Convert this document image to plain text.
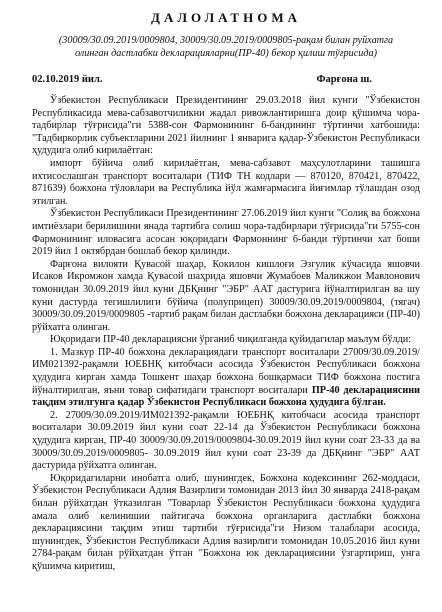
ДАЛОЛАТНОМА
(30009/30.09.2019/0009804, 30009/30.09.2019/0009805-рақам билан руйхатга
олинган дастлабки декларацияларни(ПР-40) бекор қилиш тўғрисида)
02.10.2019 йил.	Фарғона ш.

Ўзбекистон Республикаси Президентининг 29.03.2018 йил кунги "Ўзбекистон Республикасида мева-сабзавотчиликни жадал ривожлантиришга доир қўшимча чора-тадбирлар тўғрисида"ги 5388-сон Фармонининг 6-бандининг тўртинчи хатбошида: "Тадбиркорлик субъектларини 2021 йилнинг 1 январига қадар-Ўзбекистон Республикаси ҳудудига олиб кирилаётган:

импорт бўйича олиб кирилаётган, мева-сабзавот маҳсулотларини ташишга ихтисослашган транспорт воситалари (ТИФ ТН кодлари — 870120, 870421, 870422, 871639) божхона тўловлари ва Республика йўл жамғармасига йиғимлар тўлашдан озод этилган.

Ўзбекистон Республикаси Президентининг 27.06.2019 йил кунги "Солиқ ва божхона имтиёзлари берилишини янада тартибга солиш чора-тадбирлари тўғрисида"ги 5755-сон Фармонининг иловасига асосан юқоридаги Фармоннинг 6-банди тўртинчи хат боши 2019 йил 1 октябрдан бошлаб бекор қилинди.

Фарғона вилояти Қувасой шаҳар, Кокилон кишлоғи Эзгулик кўчасида яшовчи Исаков Икромжон хамда Қувасой шаҳрида яшовчи Жумабоев Маликжон Мавлонович томонидан 30.09.2019 йил куни ДБҚнинг "ЭБР" ААТ дастурига йўналтирилган ва шу куни дастурда тегишлилиги бўйича (полуприцеп) 30009/30.09.2019/0009804, (тягач) 30009/30.09.2019/0009805 -тартиб рақам билан дастлабки божхона декларацияси (ПР-40) рўйхатга олинган.

Юқоридаги ПР-40 декларациясни ўрганиб чиқилганда қуйидагилар маълум бўлди:

1. Мазкур ПР-40 божхона декларациядаги транспорт воситалари 27009/30.09.2019/ИМ021392-рақамли ЮЕБНҚ китобчаси асосида Ўзбекистон Республикаси божхона ҳудудига кирган хамда Тошкент шаҳар божхона бошқармаси ТИФ божхона постига йўналтирилган, яъни товар сифатидаги транспорт воситалари ПР-40 декларациясини тақдим этилгунга қадар Ўзбекистон Республикаси божхона ҳудудига бўлган.

2. 27009/30.09.2019/ИМ021392-рақамли ЮЕБНҚ китобчаси асосида транспорт воситалари 30.09.2019 йил куни соат 22-14 да Ўзбекистон Республикаси божхона ҳудудига кирган, ПР-40 30009/30.09.2019/0009804-30.09.2019 йил куни соат 23-33 да ва 30009/30.09.2019/0009805- 30.09.2019 йил куни соат 23-39 да ДБҚнинг "ЭБР" ААТ дастурида рўйхатга олинган.

Юқоридагиларни инобатга олиб, шунингдек, Божхона кодексининг 262-моддаси, Ўзбекистон Республикаси Адлия Вазирлиги томонидан 2013 йил 30 январда 2418-рақам билан рўйхатдан ўтказилган "Товарлар Ўзбекистон Республикаси божхона ҳудудига амала олиб келинишии пайтигача божхона органларига дастлабки божхона декларациясини тақдим этиш тартиби тўғрисида"ги Низом талаблари асосида, шунингдек, Ўзбекистон Республикаси Адлия вазирлиги томонидан 10.05.2016 йил куни 2784-рақам билан рўйхатдан ўтган "Божхона юк декларациясини ўзгартириш, унга қўшимча киритиш,
